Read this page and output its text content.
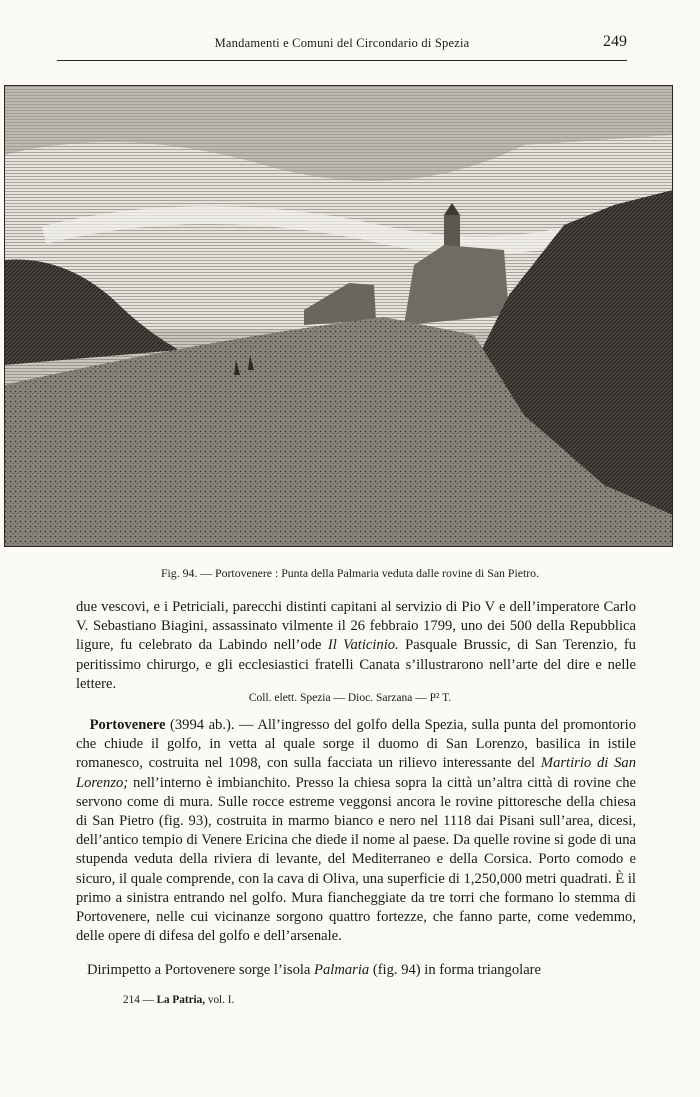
Mandamenti e Comuni del Circondario di Spezia	249
Fig. 94. — Portovenere : Punta della Palmaria veduta dalle rovine di San Pietro.

due vescovi, e i Petriciali, parecchi distinti capitani al servizio di Pio V e dell’imperatore Carlo V. Sebastiano Biagini, assassinato vilmente il 26 febbraio 1799, uno dei 500 della Repubblica ligure, fu celebrato da Labindo nell’ode Il Vaticinio. Pasquale Brussic, di San Terenzio, fu peritissimo chirurgo, e gli ecclesiastici fratelli Canata s’illustrarono nell’arte del dire e nelle lettere.

Coll. elett. Spezia — Dioc. Sarzana — P² T.

Portovenere (3994 ab.). — All’ingresso del golfo della Spezia, sulla punta del promontorio che chiude il golfo, in vetta al quale sorge il duomo di San Lorenzo, basilica in istile romanesco, costruita nel 1098, con sulla facciata un rilievo interessante del Martirio di San Lorenzo; nell’interno è imbianchito. Presso la chiesa sopra la città un’altra città di rovine che servono come di mura. Sulle rocce estreme veggonsi ancora le rovine pittoresche della chiesa di San Pietro (fig. 93), costruita in marmo bianco e nero nel 1118 dai Pisani sull’area, dicesi, dell’antico tempio di Venere Ericina che diede il nome al paese. Da quelle rovine si gode di una stupenda veduta della riviera di levante, del Mediterraneo e della Corsica. Porto comodo e sicuro, il quale comprende, con la cava di Oliva, una superficie di 1,250,000 metri quadrati. È il primo a sinistra entrando nel golfo. Mura fiancheggiate da tre torri che formano lo stemma di Portovenere, nelle cui vicinanze sorgono quattro fortezze, che fanno parte, come vedemmo, delle opere di difesa del golfo e dell’arsenale.

Dirimpetto a Portovenere sorge l’isola Palmaria (fig. 94) in forma triangolare

214 — La Patria, vol. I.
